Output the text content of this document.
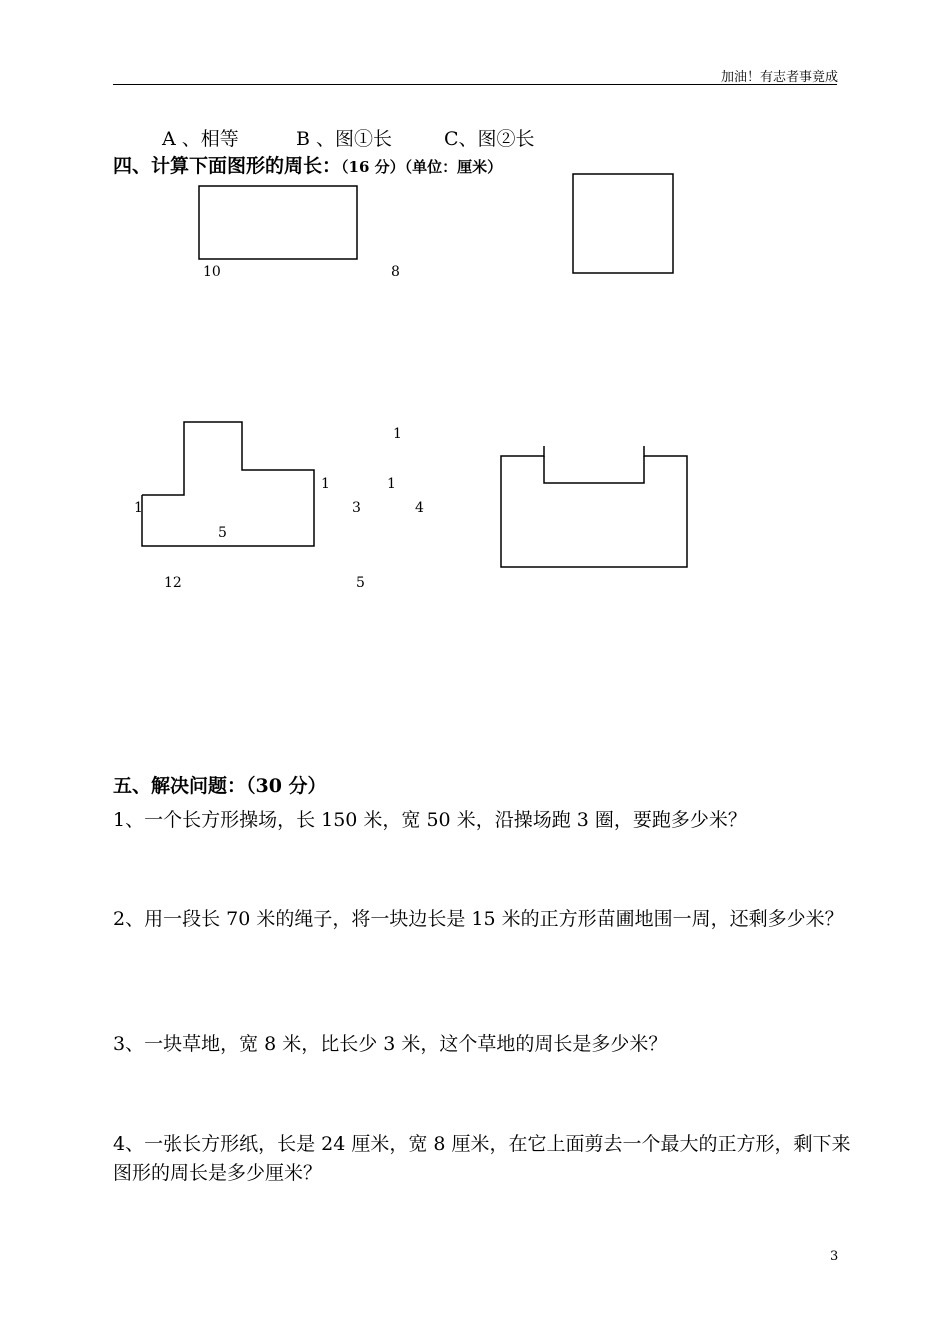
加油！有志者事竟成
A 、相等	B 、图①长	C、图②长
四、计算下面图形的周长：（16 分）（单位：厘米）
10	8
1
1	1
1	3	4
5
12	5
五、解决问题：（30 分）
1、一个长方形操场，长 150 米，宽 50 米，沿操场跑 3 圈，要跑多少米？
2、用一段长 70 米的绳子，将一块边长是 15 米的正方形苗圃地围一周，还剩多少米？
3、一块草地，宽 8 米，比长少 3 米，这个草地的周长是多少米？
4、一张长方形纸，长是 24 厘米，宽 8 厘米，在它上面剪去一个最大的正方形，剩下来图形的周长是多少厘米？
3
